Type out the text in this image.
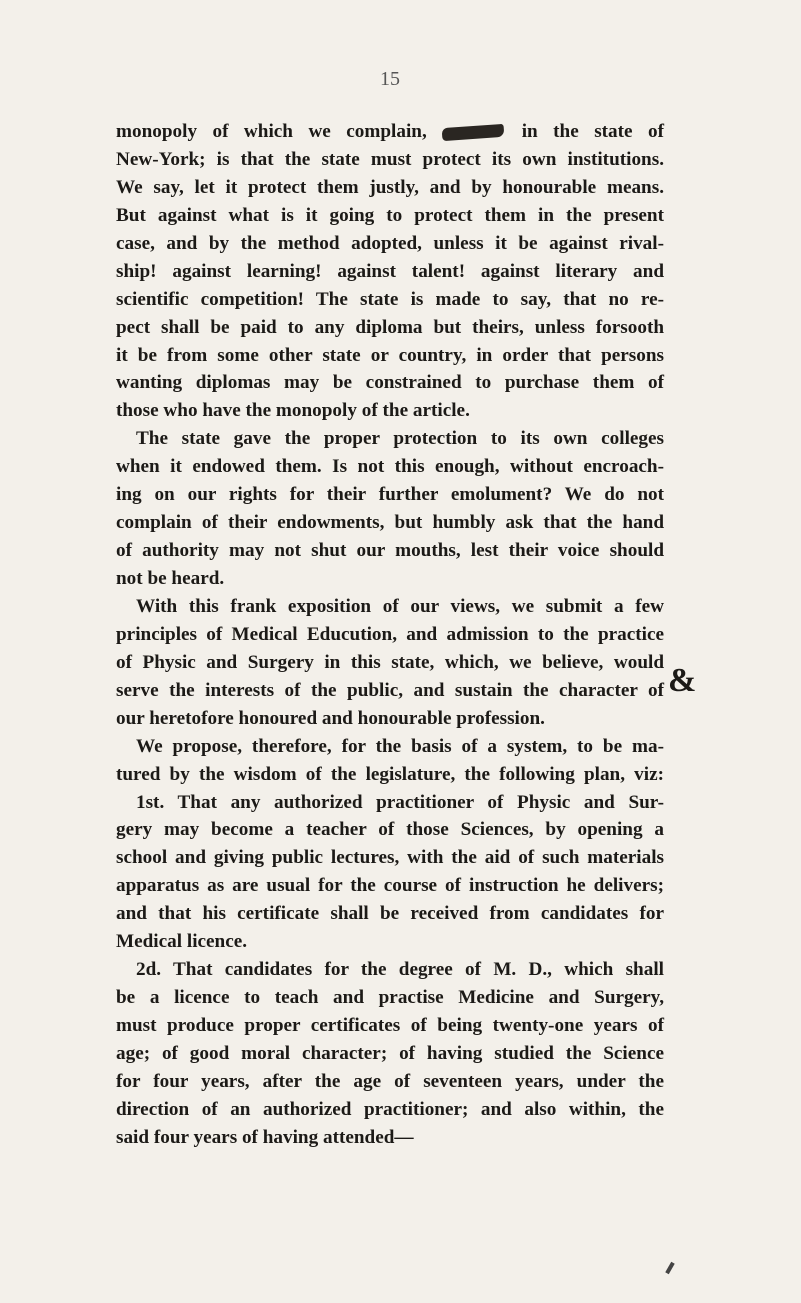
15
monopoly of which we complain,	in the state of
New-York; is that the state must protect its own institutions.
We say, let it protect them justly, and by honourable means.
But against what is it going to protect them in the present
case, and by the method adopted, unless it be against rival-
ship! against learning! against talent! against literary and
scientific competition! The state is made to say, that no re-
pect shall be paid to any diploma but theirs, unless forsooth
it be from some other state or country, in order that persons
wanting diplomas may be constrained to purchase them of
those who have the monopoly of the article.
The state gave the proper protection to its own colleges
when it endowed them. Is not this enough, without encroach-
ing on our rights for their further emolument? We do not
complain of their endowments, but humbly ask that the hand
of authority may not shut our mouths, lest their voice should
not be heard.
With this frank exposition of our views, we submit a few
principles of Medical Educution, and admission to the practice
of Physic and Surgery in this state, which, we believe, would
serve the interests of the public, and sustain the character of
our heretofore honoured and honourable profession.
We propose, therefore, for the basis of a system, to be ma-
tured by the wisdom of the legislature, the following plan, viz:
1st. That any authorized practitioner of Physic and Sur-
gery may become a teacher of those Sciences, by opening a
school and giving public lectures, with the aid of such materials
apparatus as are usual for the course of instruction he delivers;
and that his certificate shall be received from candidates for
Medical licence.
2d. That candidates for the degree of M. D., which shall
be a licence to teach and practise Medicine and Surgery,
must produce proper certificates of being twenty-one years of
age; of good moral character; of having studied the Science
for four years, after the age of seventeen years, under the
direction of an authorized practitioner; and also within, the
said four years of having attended—
&
